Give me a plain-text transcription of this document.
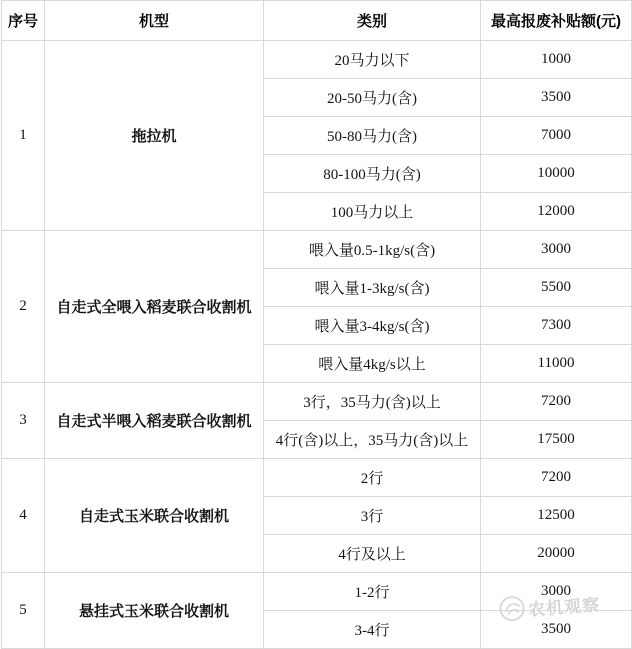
序号	机型	类别	最高报废补贴额(元)
1	拖拉机	20马力以下	1000
		20-50马力(含)	3500
		50-80马力(含)	7000
		80-100马力(含)	10000
		100马力以上	12000
2	自走式全喂入稻麦联合收割机	喂入量0.5-1kg/s(含)	3000
		喂入量1-3kg/s(含)	5500
		喂入量3-4kg/s(含)	7300
		喂入量4kg/s以上	11000
3	自走式半喂入稻麦联合收割机	3行，35马力(含)以上	7200
		4行(含)以上，35马力(含)以上	17500
4	自走式玉米联合收割机	2行	7200
		3行	12500
		4行及以上	20000
5	悬挂式玉米联合收割机	1-2行	3000
		3-4行	3500
农机观察
